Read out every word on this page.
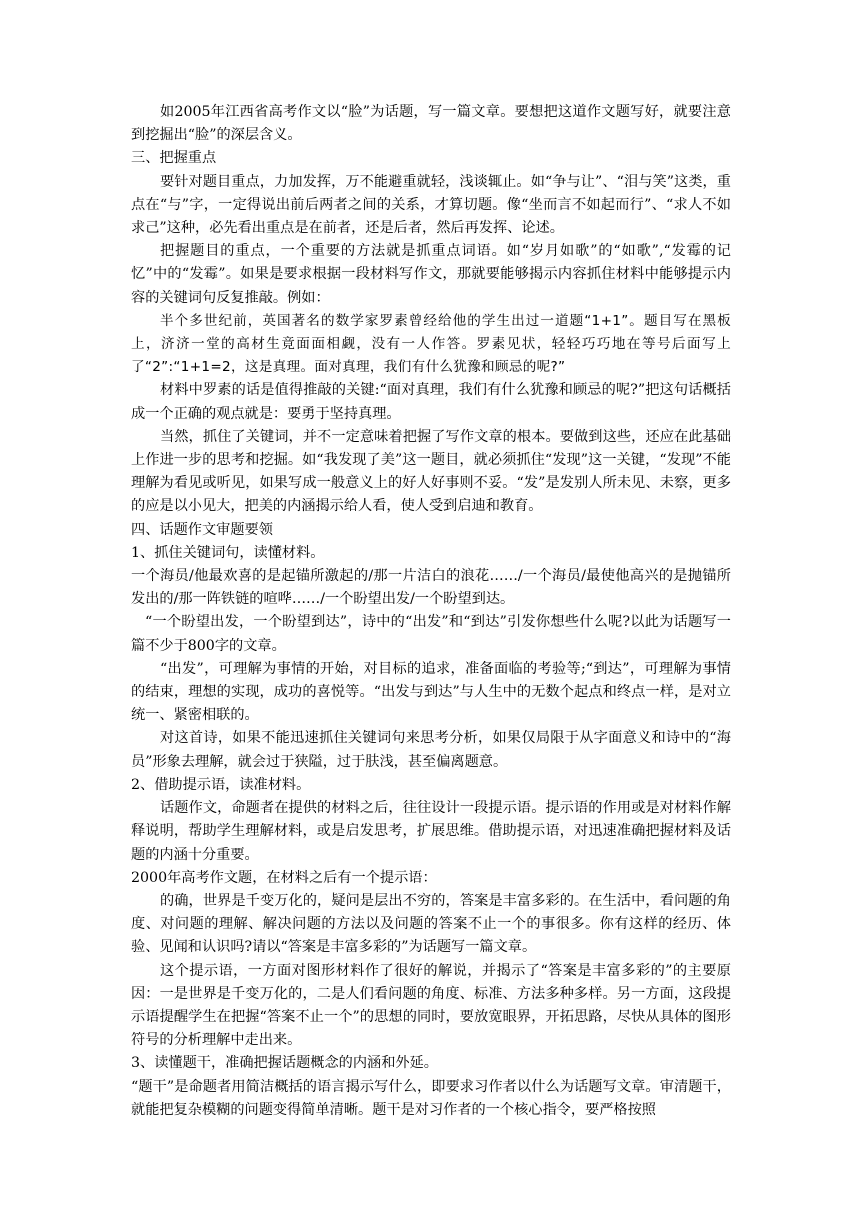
如2005年江西省高考作文以“脸”为话题，写一篇文章。要想把这道作文题写好，就要注意到挖掘出“脸”的深层含义。

三、把握重点

要针对题目重点，力加发挥，万不能避重就轻，浅谈辄止。如“争与让”、“泪与笑”这类，重点在“与”字，一定得说出前后两者之间的关系，才算切题。像“坐而言不如起而行”、“求人不如求己”这种，必先看出重点是在前者，还是后者，然后再发挥、论述。

把握题目的重点，一个重要的方法就是抓重点词语。如“岁月如歌”的“如歌”,“发霉的记忆”中的“发霉”。如果是要求根据一段材料写作文，那就要能够揭示内容抓住材料中能够提示内容的关键词句反复推敲。例如：

半个多世纪前，英国著名的数学家罗素曾经给他的学生出过一道题“1+1”。题目写在黑板上，济济一堂的高材生竟面面相觑，没有一人作答。罗素见状，轻轻巧巧地在等号后面写上了“2”:“1+1=2，这是真理。面对真理，我们有什么犹豫和顾忌的呢?”

材料中罗素的话是值得推敲的关键:“面对真理，我们有什么犹豫和顾忌的呢?”把这句话概括成一个正确的观点就是：要勇于坚持真理。

当然，抓住了关键词，并不一定意味着把握了写作文章的根本。要做到这些，还应在此基础上作进一步的思考和挖掘。如“我发现了美”这一题目，就必须抓住“发现”这一关键，“发现”不能理解为看见或听见，如果写成一般意义上的好人好事则不妥。“发”是发别人所未见、未察，更多的应是以小见大，把美的内涵揭示给人看，使人受到启迪和教育。

四、话题作文审题要领

1、抓住关键词句，读懂材料。

一个海员/他最欢喜的是起锚所激起的/那一片洁白的浪花……/一个海员/最使他高兴的是抛锚所发出的/那一阵铁链的喧哗……/一个盼望出发/一个盼望到达。

“一个盼望出发，一个盼望到达”，诗中的“出发”和“到达”引发你想些什么呢?以此为话题写一篇不少于800字的文章。

“出发”，可理解为事情的开始，对目标的追求，准备面临的考验等;“到达”，可理解为事情的结束，理想的实现，成功的喜悦等。“出发与到达”与人生中的无数个起点和终点一样，是对立统一、紧密相联的。

对这首诗，如果不能迅速抓住关键词句来思考分析，如果仅局限于从字面意义和诗中的“海员”形象去理解，就会过于狭隘，过于肤浅，甚至偏离题意。

2、借助提示语，读准材料。

话题作文，命题者在提供的材料之后，往往设计一段提示语。提示语的作用或是对材料作解释说明，帮助学生理解材料，或是启发思考，扩展思维。借助提示语，对迅速准确把握材料及话题的内涵十分重要。

2000年高考作文题，在材料之后有一个提示语：

的确，世界是千变万化的，疑问是层出不穷的，答案是丰富多彩的。在生活中，看问题的角度、对问题的理解、解决问题的方法以及问题的答案不止一个的事很多。你有这样的经历、体验、见闻和认识吗?请以“答案是丰富多彩的”为话题写一篇文章。

这个提示语，一方面对图形材料作了很好的解说，并揭示了“答案是丰富多彩的”的主要原因：一是世界是千变万化的，二是人们看问题的角度、标准、方法多种多样。另一方面，这段提示语提醒学生在把握“答案不止一个”的思想的同时，要放宽眼界，开拓思路，尽快从具体的图形符号的分析理解中走出来。

3、读懂题干，准确把握话题概念的内涵和外延。

“题干”是命题者用简洁概括的语言揭示写什么，即要求习作者以什么为话题写文章。审清题干，就能把复杂模糊的问题变得简单清晰。题干是对习作者的一个核心指令，要严格按照
